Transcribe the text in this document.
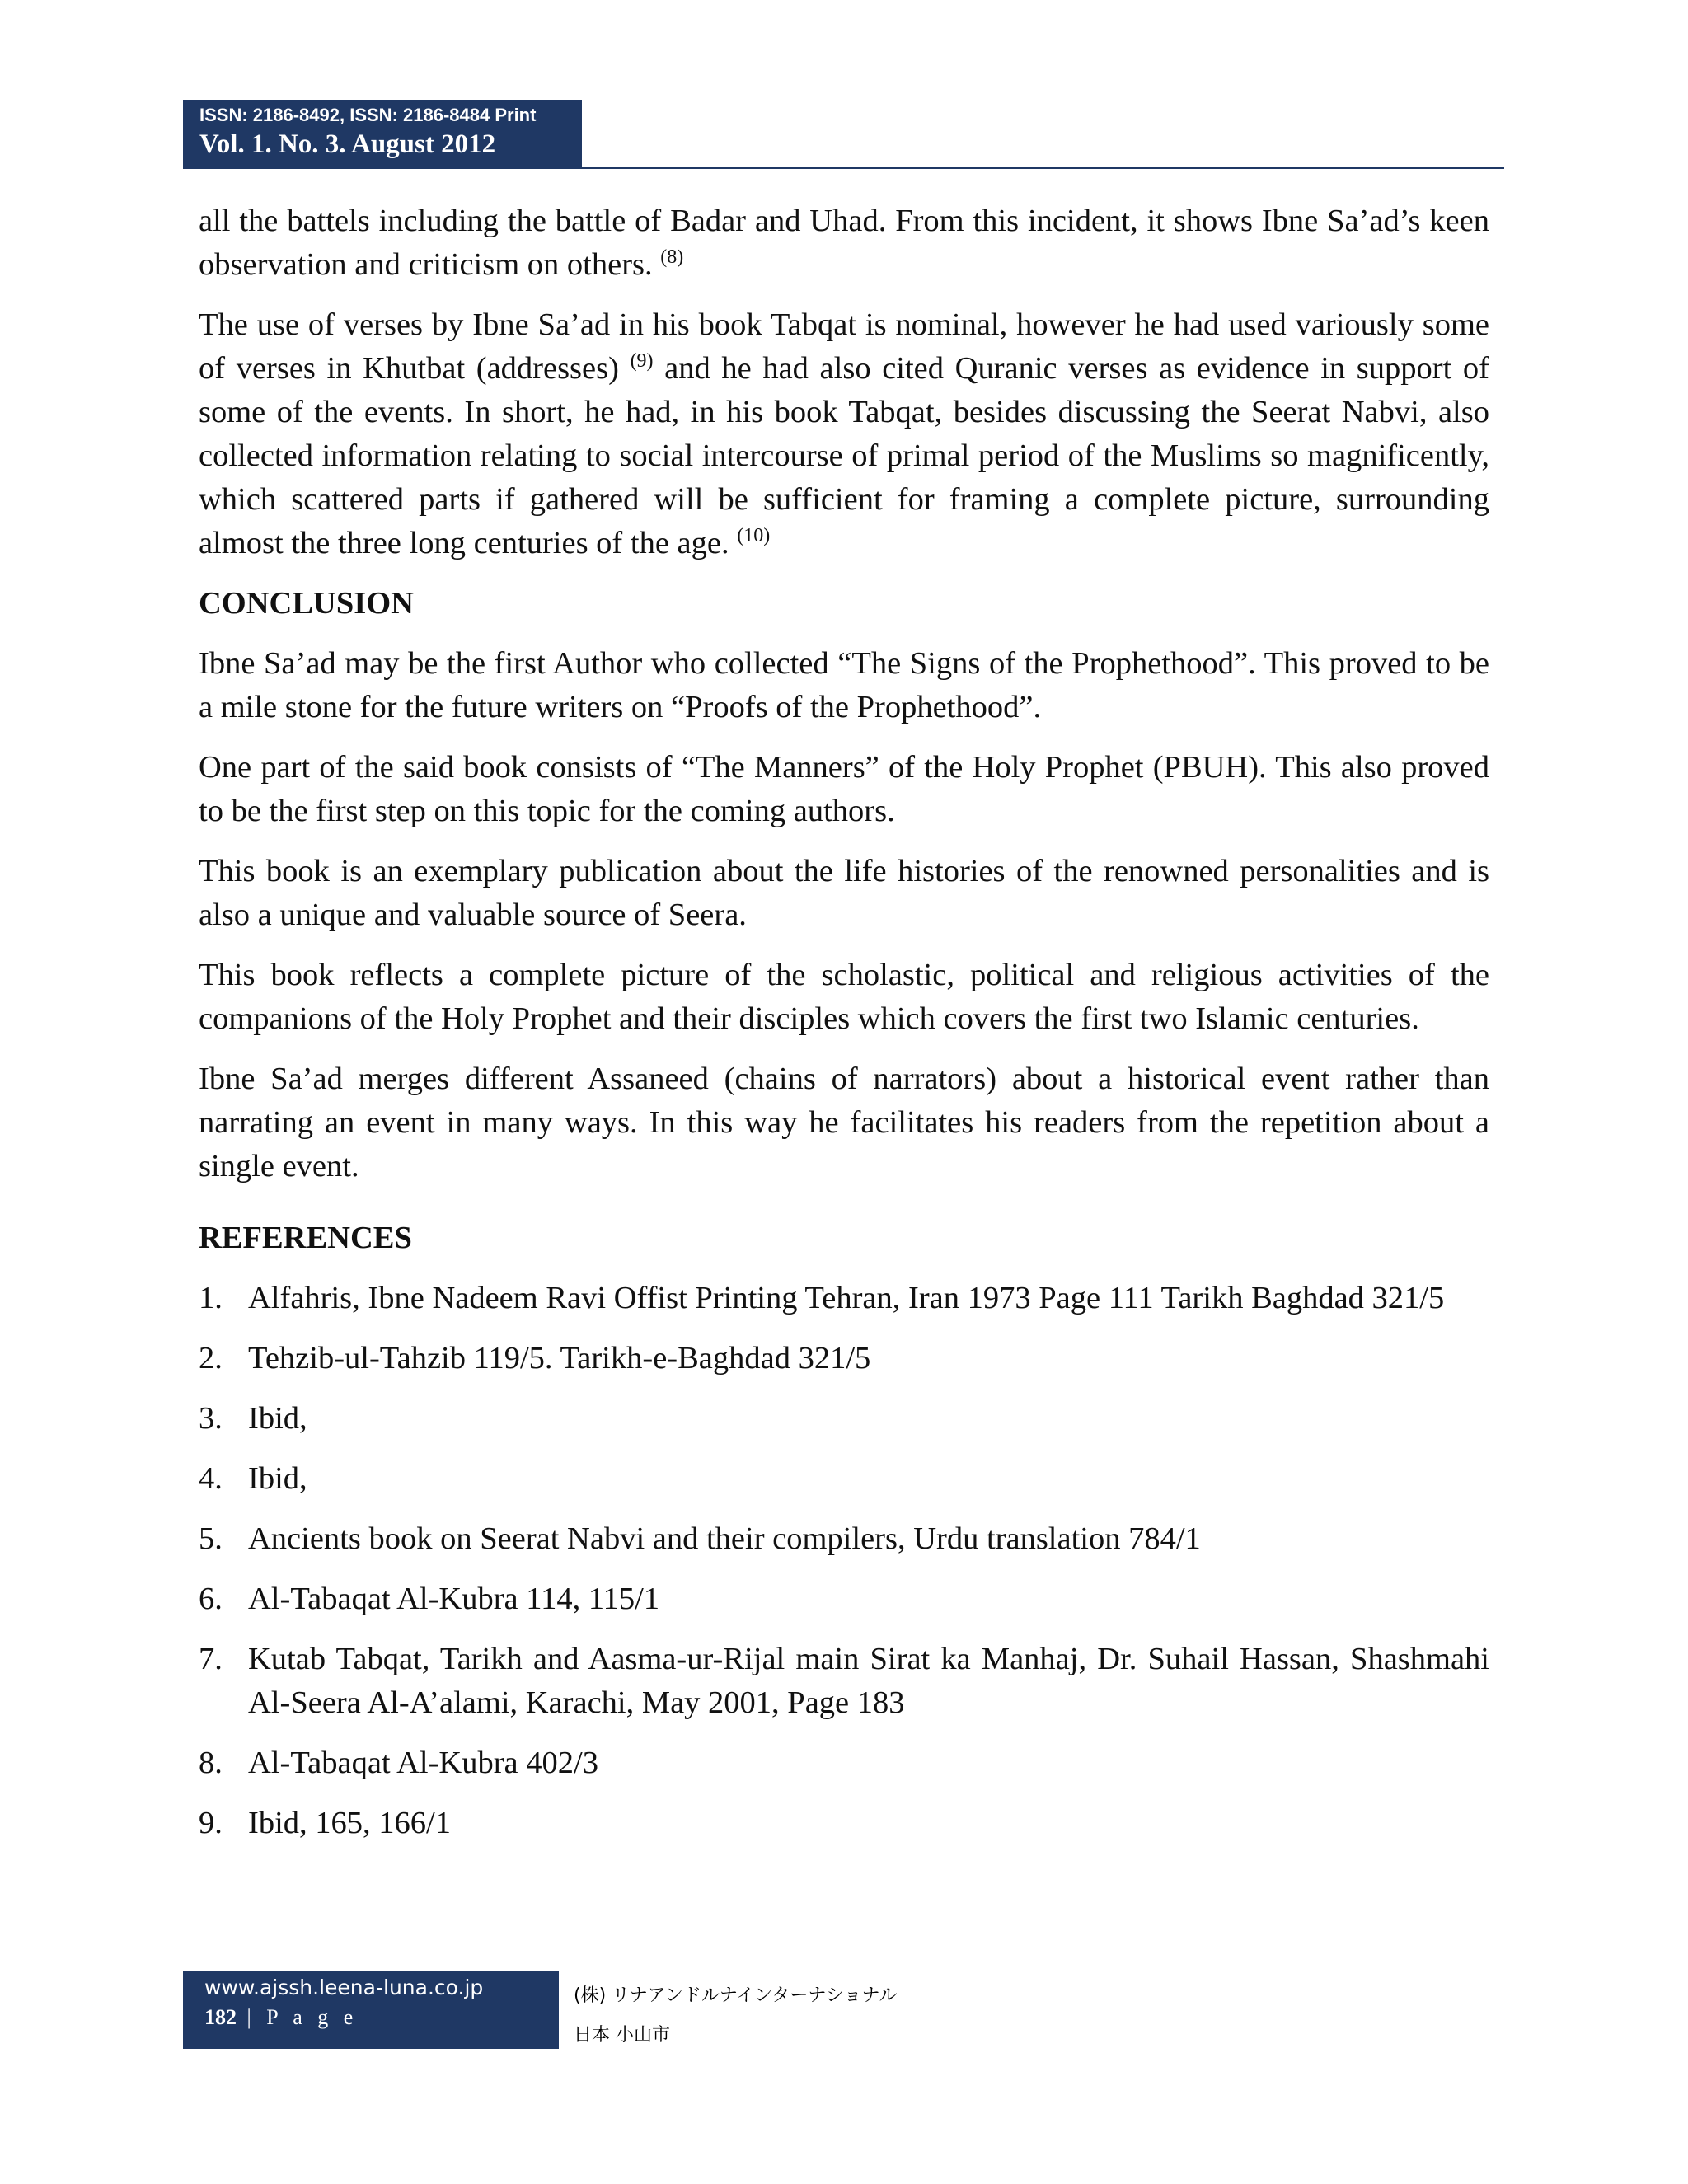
ISSN: 2186-8492, ISSN: 2186-8484 Print
Vol. 1. No. 3. August 2012

all the battels including the battle of Badar and Uhad. From this incident, it shows Ibne Sa’ad’s keen observation and criticism on others. $^{(8)}$

The use of verses by Ibne Sa’ad in his book Tabqat is nominal, however he had used variously some of verses in Khutbat (addresses) $^{(9)}$ and he had also cited Quranic verses as evidence in support of some of the events. In short, he had, in his book Tabqat, besides discussing the Seerat Nabvi, also collected information relating to social intercourse of primal period of the Muslims so magnificently, which scattered parts if gathered will be sufficient for framing a complete picture, surrounding almost the three long centuries of the age. $^{(10)}$

CONCLUSION

Ibne Sa’ad may be the first Author who collected “The Signs of the Prophethood”. This proved to be a mile stone for the future writers on “Proofs of the Prophethood”.

One part of the said book consists of “The Manners” of the Holy Prophet (PBUH). This also proved to be the first step on this topic for the coming authors.

This book is an exemplary publication about the life histories of the renowned personalities and is also a unique and valuable source of Seera.

This book reflects a complete picture of the scholastic, political and religious activities of the companions of the Holy Prophet and their disciples which covers the first two Islamic centuries.

Ibne Sa’ad merges different Assaneed (chains of narrators) about a historical event rather than narrating an event in many ways. In this way he facilitates his readers from the repetition about a single event.

REFERENCES
1. Alfahris, Ibne Nadeem Ravi Offist Printing Tehran, Iran 1973 Page 111 Tarikh Baghdad 321/5
2. Tehzib-ul-Tahzib 119/5. Tarikh-e-Baghdad 321/5
3. Ibid,
4. Ibid,
5. Ancients book on Seerat Nabvi and their compilers, Urdu translation 784/1
6. Al-Tabaqat Al-Kubra 114, 115/1
7. Kutab Tabqat, Tarikh and Aasma-ur-Rijal main Sirat ka Manhaj, Dr. Suhail Hassan, Shashmahi Al-Seera Al-A’alami, Karachi, May 2001, Page 183
8. Al-Tabaqat Al-Kubra 402/3
9. Ibid, 165, 166/1
www.ajssh.leena-luna.co.jp
182 | P a g e
(株) リナアンドルナインターナショナル
日本 小山市
